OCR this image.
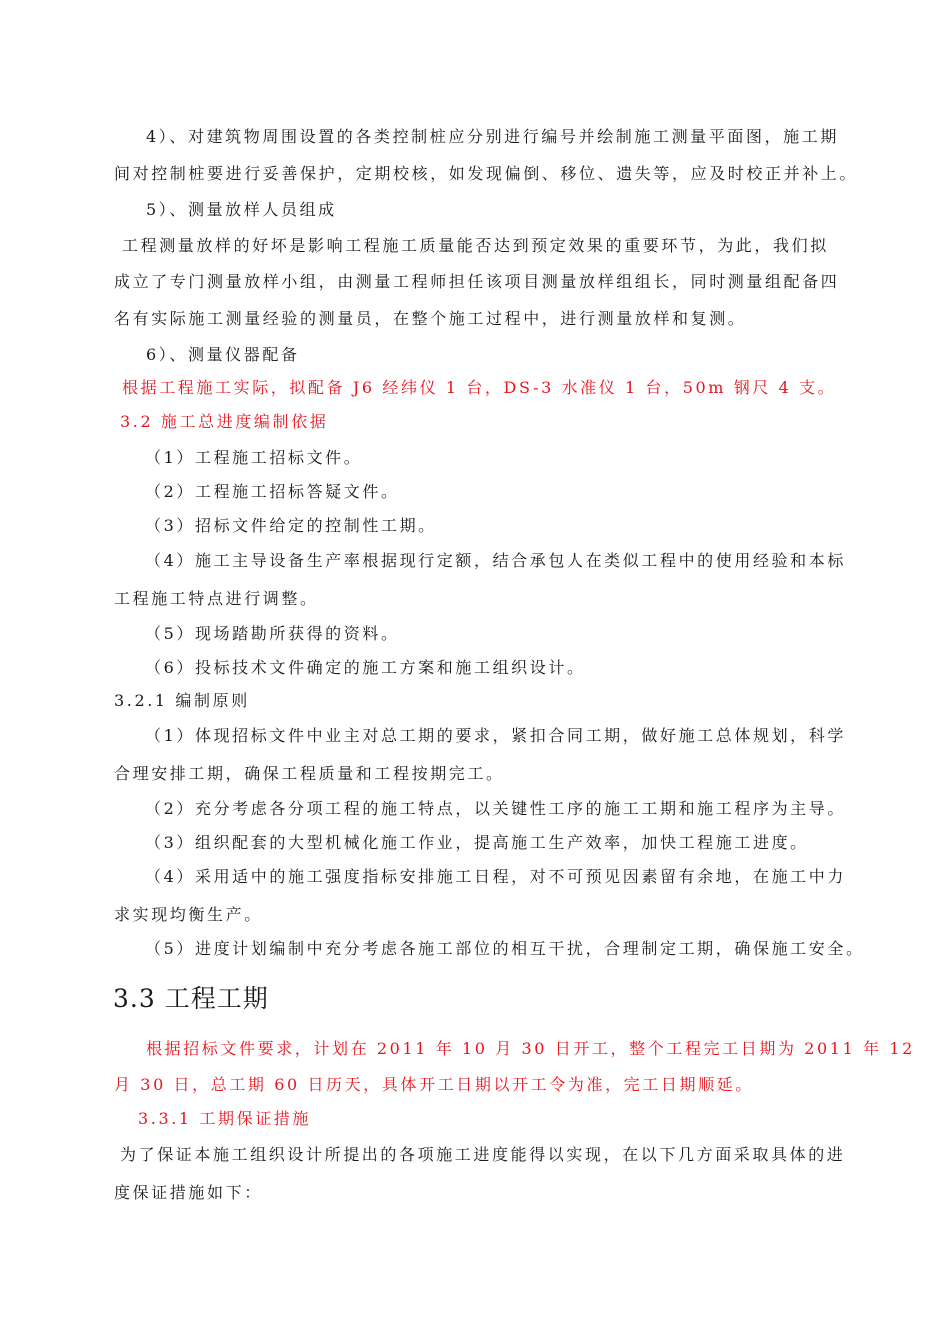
4）、对建筑物周围设置的各类控制桩应分别进行编号并绘制施工测量平面图，施工期
间对控制桩要进行妥善保护，定期校核，如发现偏倒、移位、遗失等，应及时校正并补上。
5）、测量放样人员组成
工程测量放样的好坏是影响工程施工质量能否达到预定效果的重要环节，为此，我们拟
成立了专门测量放样小组，由测量工程师担任该项目测量放样组组长，同时测量组配备四
名有实际施工测量经验的测量员，在整个施工过程中，进行测量放样和复测。
6）、测量仪器配备
根据工程施工实际，拟配备 J6 经纬仪 1 台，DS-3 水准仪 1 台，50m 钢尺 4 支。
3.2 施工总进度编制依据
（1）工程施工招标文件。
（2）工程施工招标答疑文件。
（3）招标文件给定的控制性工期。
（4）施工主导设备生产率根据现行定额，结合承包人在类似工程中的使用经验和本标
工程施工特点进行调整。
（5）现场踏勘所获得的资料。
（6）投标技术文件确定的施工方案和施工组织设计。
3.2.1 编制原则
（1）体现招标文件中业主对总工期的要求，紧扣合同工期，做好施工总体规划，科学
合理安排工期，确保工程质量和工程按期完工。
（2）充分考虑各分项工程的施工特点，以关键性工序的施工工期和施工程序为主导。
（3）组织配套的大型机械化施工作业，提高施工生产效率，加快工程施工进度。
（4）采用适中的施工强度指标安排施工日程，对不可预见因素留有余地，在施工中力
求实现均衡生产。
（5）进度计划编制中充分考虑各施工部位的相互干扰，合理制定工期，确保施工安全。
3.3 工程工期
根据招标文件要求，计划在 2011 年 10 月 30 日开工，整个工程完工日期为 2011 年 12
月 30 日，总工期 60 日历天，具体开工日期以开工令为准，完工日期顺延。
3.3.1 工期保证措施
为了保证本施工组织设计所提出的各项施工进度能得以实现，在以下几方面采取具体的进
度保证措施如下：
